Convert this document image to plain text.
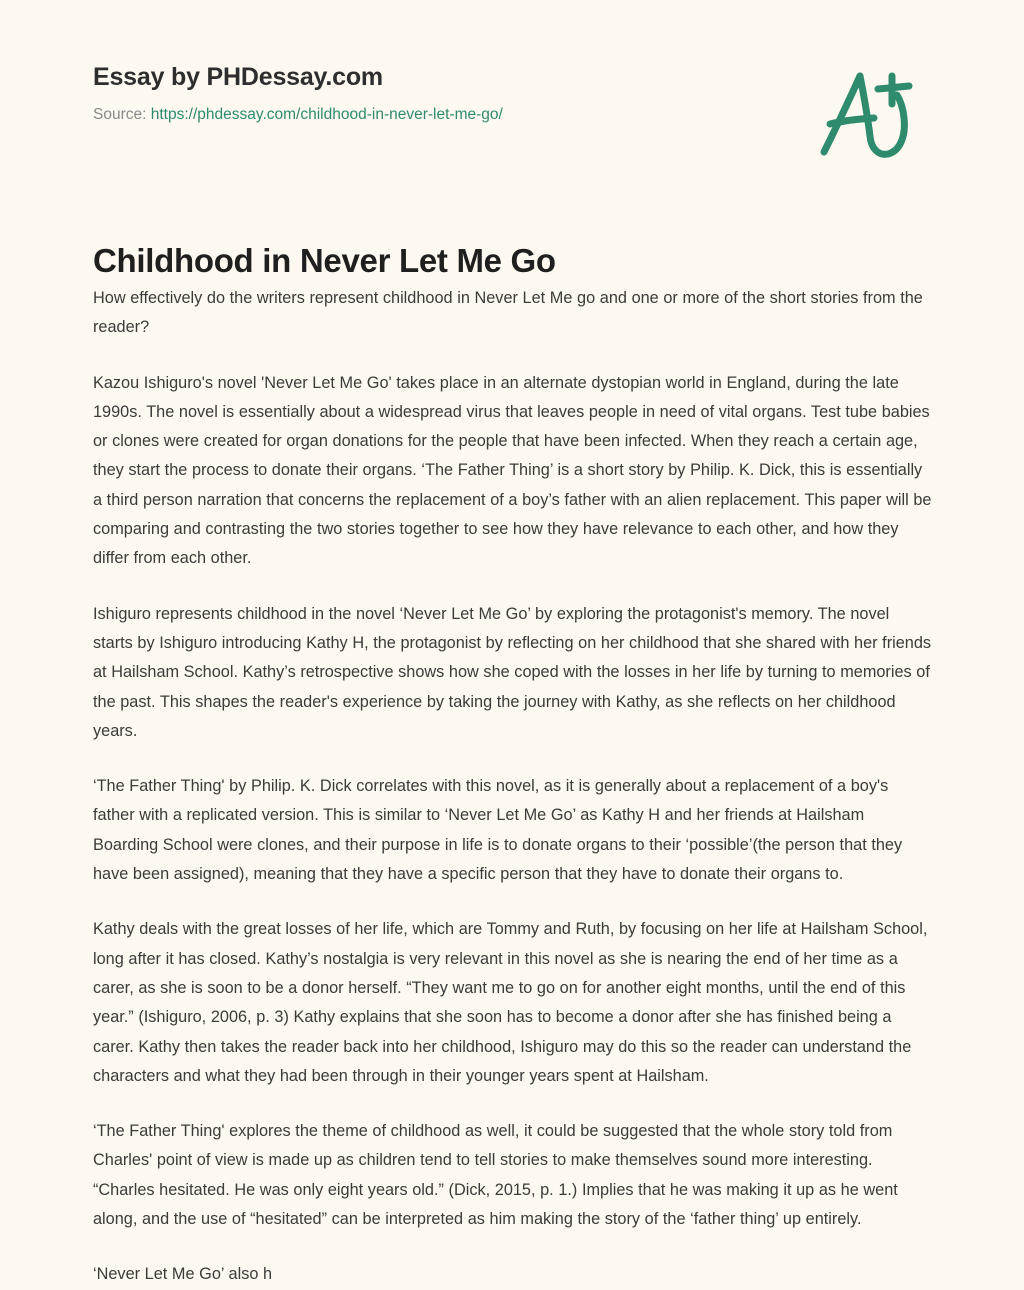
Essay by PHDessay.com
Source: https://phdessay.com/childhood-in-never-let-me-go/
Childhood in Never Let Me Go

How effectively do the writers represent childhood in Never Let Me go and one or more of the short stories from the reader?

Kazou Ishiguro's novel 'Never Let Me Go' takes place in an alternate dystopian world in England, during the late 1990s. The novel is essentially about a widespread virus that leaves people in need of vital organs. Test tube babies or clones were created for organ donations for the people that have been infected. When they reach a certain age, they start the process to donate their organs. ‘The Father Thing’ is a short story by Philip. K. Dick, this is essentially a third person narration that concerns the replacement of a boy’s father with an alien replacement. This paper will be comparing and contrasting the two stories together to see how they have relevance to each other, and how they differ from each other.

Ishiguro represents childhood in the novel ‘Never Let Me Go’ by exploring the protagonist's memory. The novel starts by Ishiguro introducing Kathy H, the protagonist by reflecting on her childhood that she shared with her friends at Hailsham School. Kathy’s retrospective shows how she coped with the losses in her life by turning to memories of the past. This shapes the reader's experience by taking the journey with Kathy, as she reflects on her childhood years.

‘The Father Thing' by Philip. K. Dick correlates with this novel, as it is generally about a replacement of a boy's father with a replicated version. This is similar to ‘Never Let Me Go’ as Kathy H and her friends at Hailsham Boarding School were clones, and their purpose in life is to donate organs to their ‘possible’(the person that they have been assigned), meaning that they have a specific person that they have to donate their organs to.

Kathy deals with the great losses of her life, which are Tommy and Ruth, by focusing on her life at Hailsham School, long after it has closed. Kathy’s nostalgia is very relevant in this novel as she is nearing the end of her time as a carer, as she is soon to be a donor herself. “They want me to go on for another eight months, until the end of this year.” (Ishiguro, 2006, p. 3) Kathy explains that she soon has to become a donor after she has finished being a carer. Kathy then takes the reader back into her childhood, Ishiguro may do this so the reader can understand the characters and what they had been through in their younger years spent at Hailsham.

‘The Father Thing' explores the theme of childhood as well, it could be suggested that the whole story told from Charles' point of view is made up as children tend to tell stories to make themselves sound more interesting. “Charles hesitated. He was only eight years old.” (Dick, 2015, p. 1.) Implies that he was making it up as he went along, and the use of “hesitated” can be interpreted as him making the story of the ‘father thing’ up entirely.

‘Never Let Me Go’ also h
